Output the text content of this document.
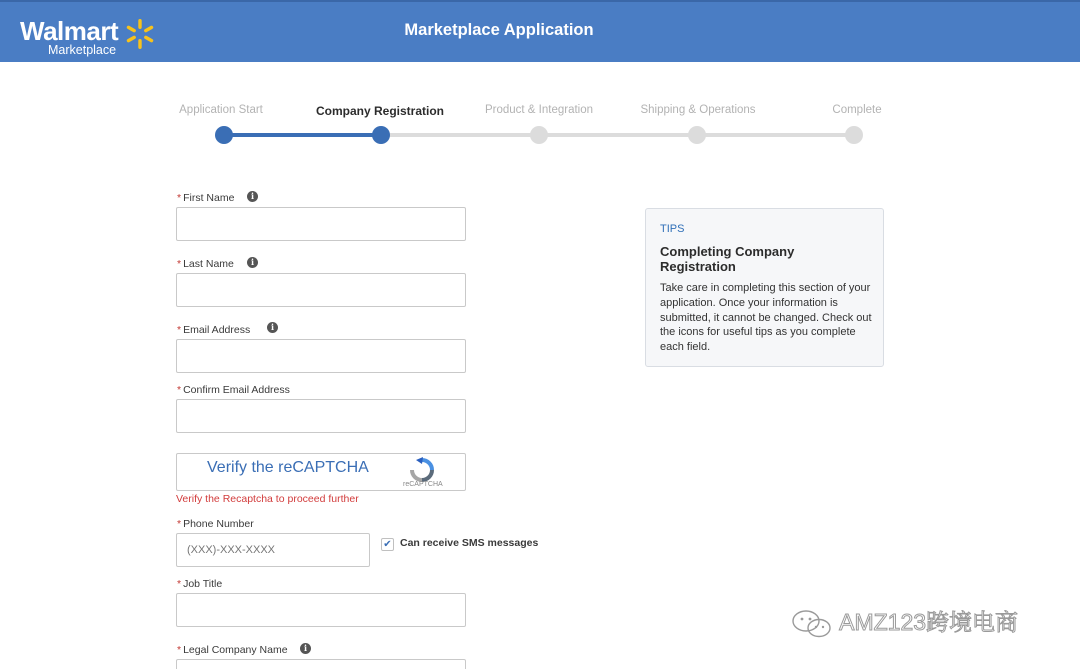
Walmart
Marketplace
Marketplace Application
Application Start	Company Registration	Product & Integration	Shipping & Operations	Complete
* First Name	i
* Last Name	i
* Email Address	i
* Confirm Email Address
Verify the reCAPTCHA
reCAPTCHA
Verify the Recaptcha to proceed further
* Phone Number
(XXX)-XXX-XXXX
✔ Can receive SMS messages
* Job Title
* Legal Company Name	i
TIPS
Completing Company Registration
Take care in completing this section of your application. Once your information is submitted, it cannot be changed. Check out the icons for useful tips as you complete each field.
AMZ123跨境电商
